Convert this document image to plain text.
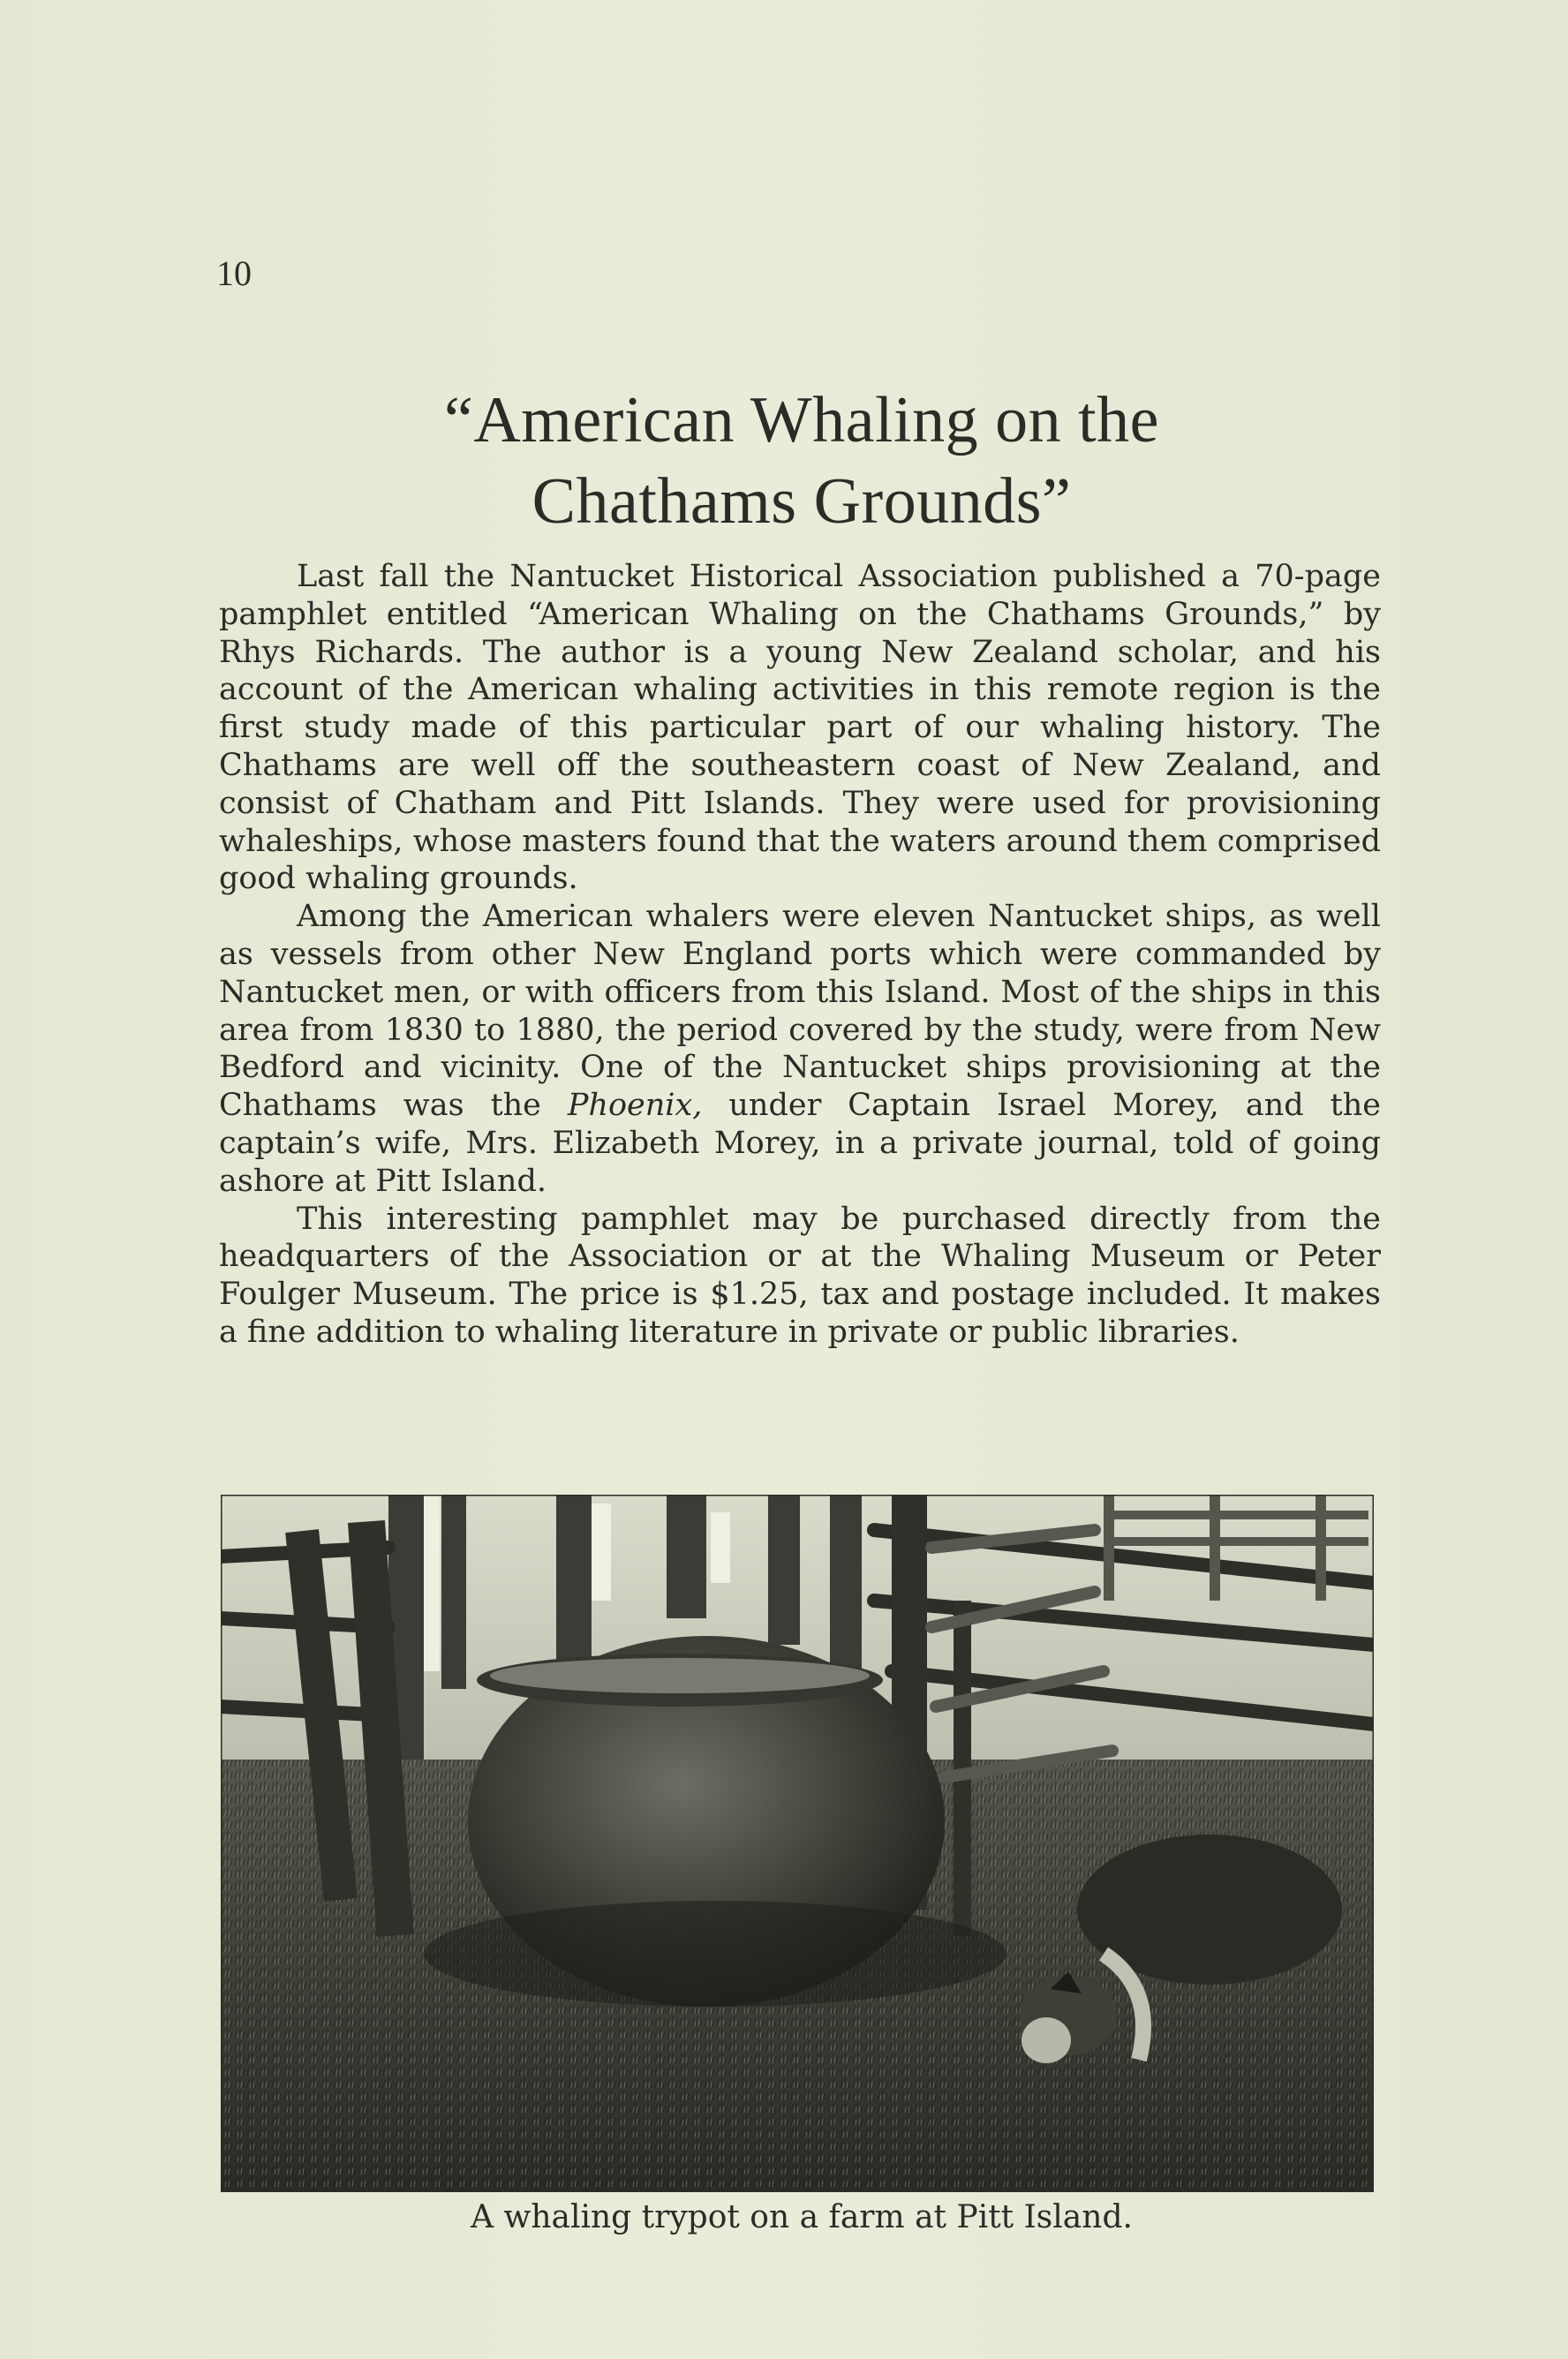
10
“American Whaling on the
Chathams Grounds”

Last fall the Nantucket Historical Association published a 70-page pamphlet entitled “American Whaling on the Chathams Grounds,” by Rhys Richards. The author is a young New Zealand scholar, and his account of the American whaling activities in this remote region is the first study made of this particular part of our whaling history. The Chathams are well off the southeastern coast of New Zealand, and consist of Chatham and Pitt Islands. They were used for provisioning whaleships, whose masters found that the waters around them comprised good whaling grounds.

Among the American whalers were eleven Nantucket ships, as well as vessels from other New England ports which were commanded by Nantucket men, or with officers from this Island. Most of the ships in this area from 1830 to 1880, the period covered by the study, were from New Bedford and vicinity. One of the Nantucket ships provisioning at the Chathams was the Phoenix, under Captain Israel Morey, and the captain’s wife, Mrs. Elizabeth Morey, in a private journal, told of going ashore at Pitt Island.

This interesting pamphlet may be purchased directly from the headquarters of the Association or at the Whaling Museum or Peter Foulger Museum. The price is $1.25, tax and postage included. It makes a fine addition to whaling literature in private or public libraries.

A whaling trypot on a farm at Pitt Island.
